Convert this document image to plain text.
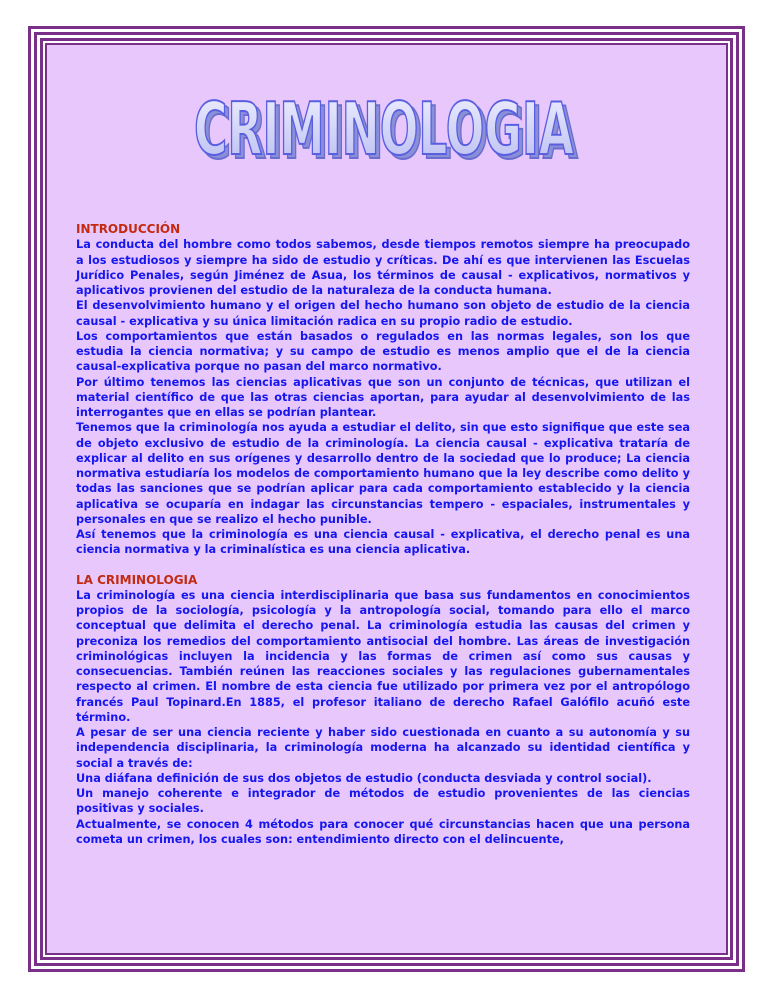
CRIMINOLOGIA
CRIMINOLOGIA
INTRODUCCIÓN

La conducta del hombre como todos sabemos, desde tiempos remotos siempre ha preocupado a los estudiosos y siempre ha sido de estudio y críticas. De ahí es que intervienen las Escuelas Jurídico Penales, según Jiménez de Asua, los términos de causal - explicativos, normativos y aplicativos provienen del estudio de la naturaleza de la conducta humana.

El desenvolvimiento humano y el origen del hecho humano son objeto de estudio de la ciencia causal - explicativa y su única limitación radica en su propio radio de estudio.

Los comportamientos que están basados o regulados en las normas legales, son los que estudia la ciencia normativa; y su campo de estudio es menos amplio que el de la ciencia causal-explicativa porque no pasan del marco normativo.

Por último tenemos las ciencias aplicativas que son un conjunto de técnicas, que utilizan el material científico de que las otras ciencias aportan, para ayudar al desenvolvimiento de las interrogantes que en ellas se podrían plantear.

Tenemos que la criminología nos ayuda a estudiar el delito, sin que esto signifique que este sea de objeto exclusivo de estudio de la criminología. La ciencia causal - explicativa trataría de explicar al delito en sus orígenes y desarrollo dentro de la sociedad que lo produce; La ciencia normativa estudiaría los modelos de comportamiento humano que la ley describe como delito y todas las sanciones que se podrían aplicar para cada comportamiento establecido y la ciencia aplicativa se ocuparía en indagar las circunstancias tempero - espaciales, instrumentales y personales en que se realizo el hecho punible.

Así tenemos que la criminología es una ciencia causal - explicativa, el derecho penal es una ciencia normativa y la criminalística es una ciencia aplicativa.

LA CRIMINOLOGIA

La criminología es una ciencia interdisciplinaria que basa sus fundamentos en conocimientos propios de la sociología, psicología y la antropología social, tomando para ello el marco conceptual que delimita el derecho penal. La criminología estudia las causas del crimen y preconiza los remedios del comportamiento antisocial del hombre. Las áreas de investigación criminológicas incluyen la incidencia y las formas de crimen así como sus causas y consecuencias. También reúnen las reacciones sociales y las regulaciones gubernamentales respecto al crimen. El nombre de esta ciencia fue utilizado por primera vez por el antropólogo francés Paul Topinard.En 1885, el profesor italiano de derecho Rafael Galófilo acuñó este término.

A pesar de ser una ciencia reciente y haber sido cuestionada en cuanto a su autonomía y su independencia disciplinaria, la criminología moderna ha alcanzado su identidad científica y social a través de:

Una diáfana definición de sus dos objetos de estudio (conducta desviada y control social).

Un manejo coherente e integrador de métodos de estudio provenientes de las ciencias positivas y sociales.

Actualmente, se conocen 4 métodos para conocer qué circunstancias hacen que una persona cometa un crimen, los cuales son: entendimiento directo con el delincuente,
